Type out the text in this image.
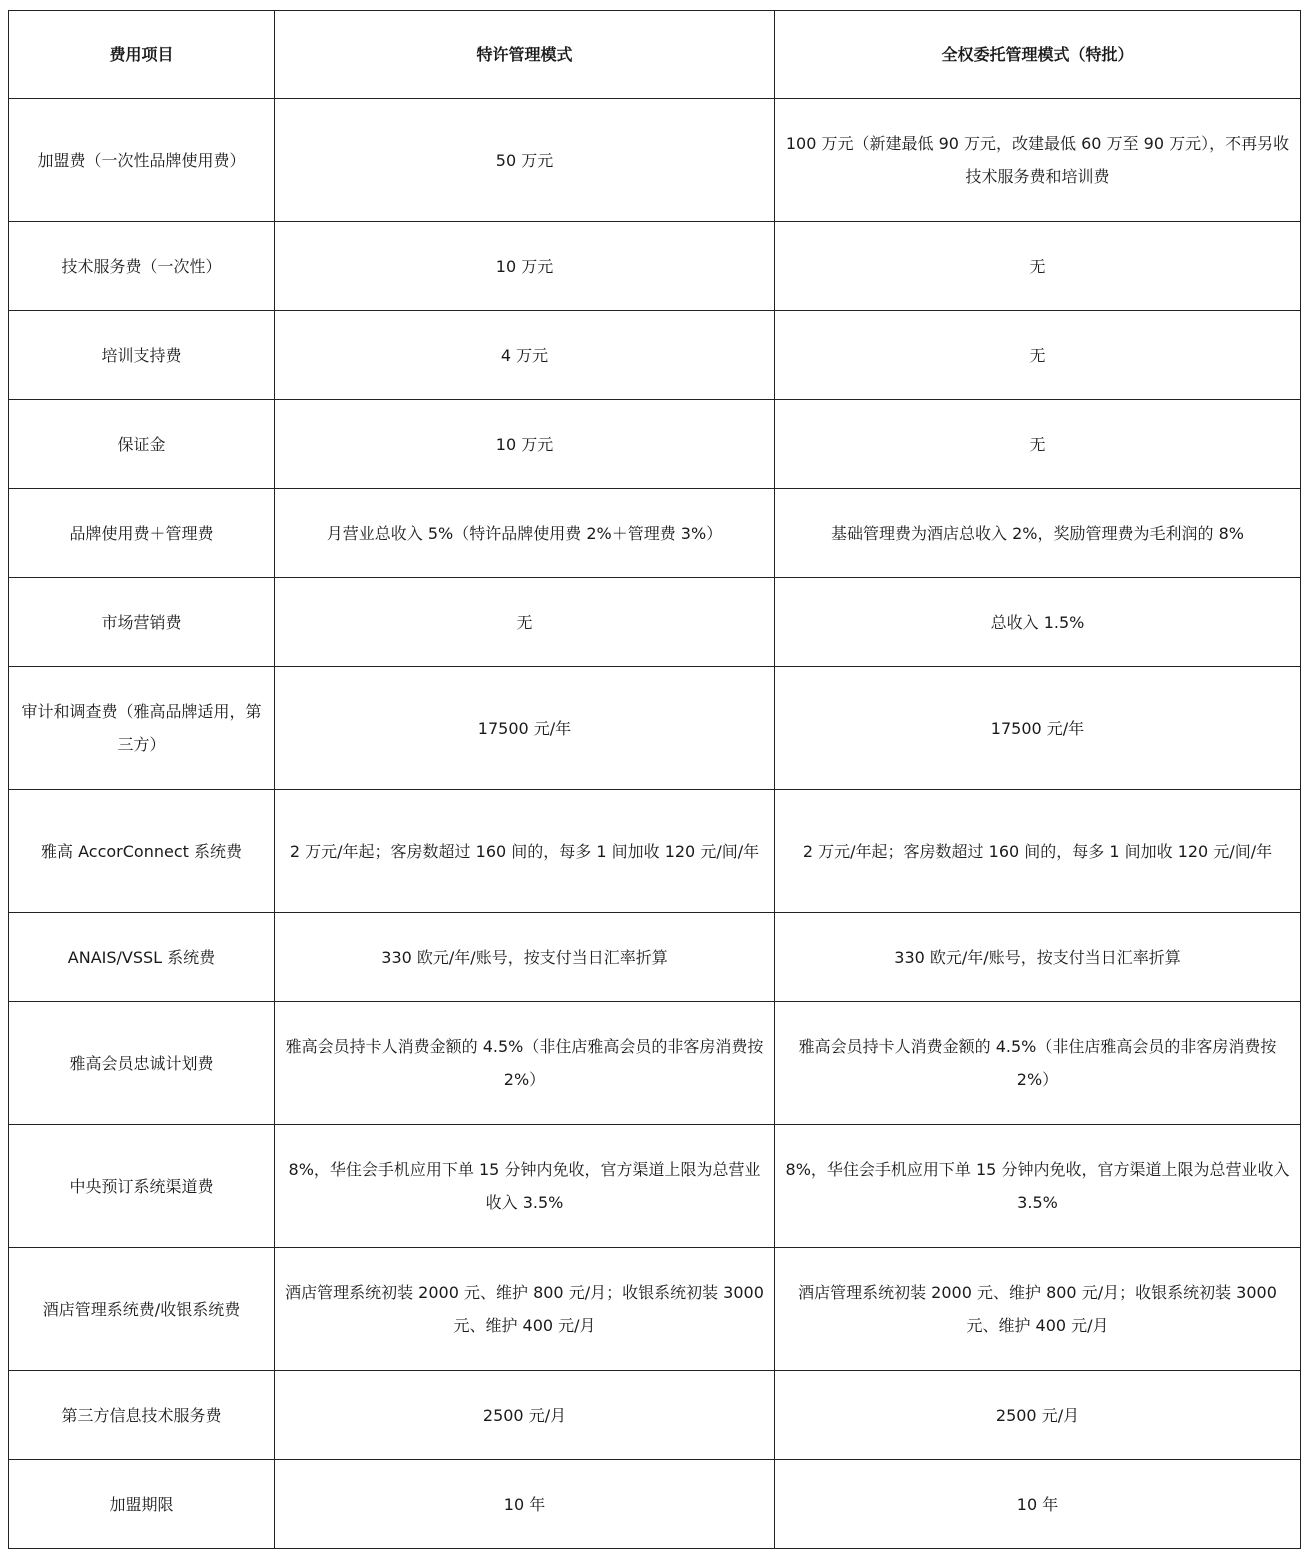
费用项目	特许管理模式	全权委托管理模式（特批）
加盟费（一次性品牌使用费）	50 万元	100 万元（新建最低 90 万元，改建最低 60 万至 90 万元），不再另收技术服务费和培训费
技术服务费（一次性）	10 万元	无
培训支持费	4 万元	无
保证金	10 万元	无
品牌使用费＋管理费	月营业总收入 5%（特许品牌使用费 2%＋管理费 3%）	基础管理费为酒店总收入 2%，奖励管理费为毛利润的 8%
市场营销费	无	总收入 1.5%
审计和调查费（雅高品牌适用，第三方）	17500 元/年	17500 元/年
雅高 AccorConnect 系统费	2 万元/年起；客房数超过 160 间的，每多 1 间加收 120 元/间/年	2 万元/年起；客房数超过 160 间的，每多 1 间加收 120 元/间/年
ANAIS/VSSL 系统费	330 欧元/年/账号，按支付当日汇率折算	330 欧元/年/账号，按支付当日汇率折算
雅高会员忠诚计划费	雅高会员持卡人消费金额的 4.5%（非住店雅高会员的非客房消费按 2%）	雅高会员持卡人消费金额的 4.5%（非住店雅高会员的非客房消费按 2%）
中央预订系统渠道费	8%，华住会手机应用下单 15 分钟内免收，官方渠道上限为总营业收入 3.5%	8%，华住会手机应用下单 15 分钟内免收，官方渠道上限为总营业收入 3.5%
酒店管理系统费/收银系统费	酒店管理系统初装 2000 元、维护 800 元/月；收银系统初装 3000 元、维护 400 元/月	酒店管理系统初装 2000 元、维护 800 元/月；收银系统初装 3000 元、维护 400 元/月
第三方信息技术服务费	2500 元/月	2500 元/月
加盟期限	10 年	10 年
